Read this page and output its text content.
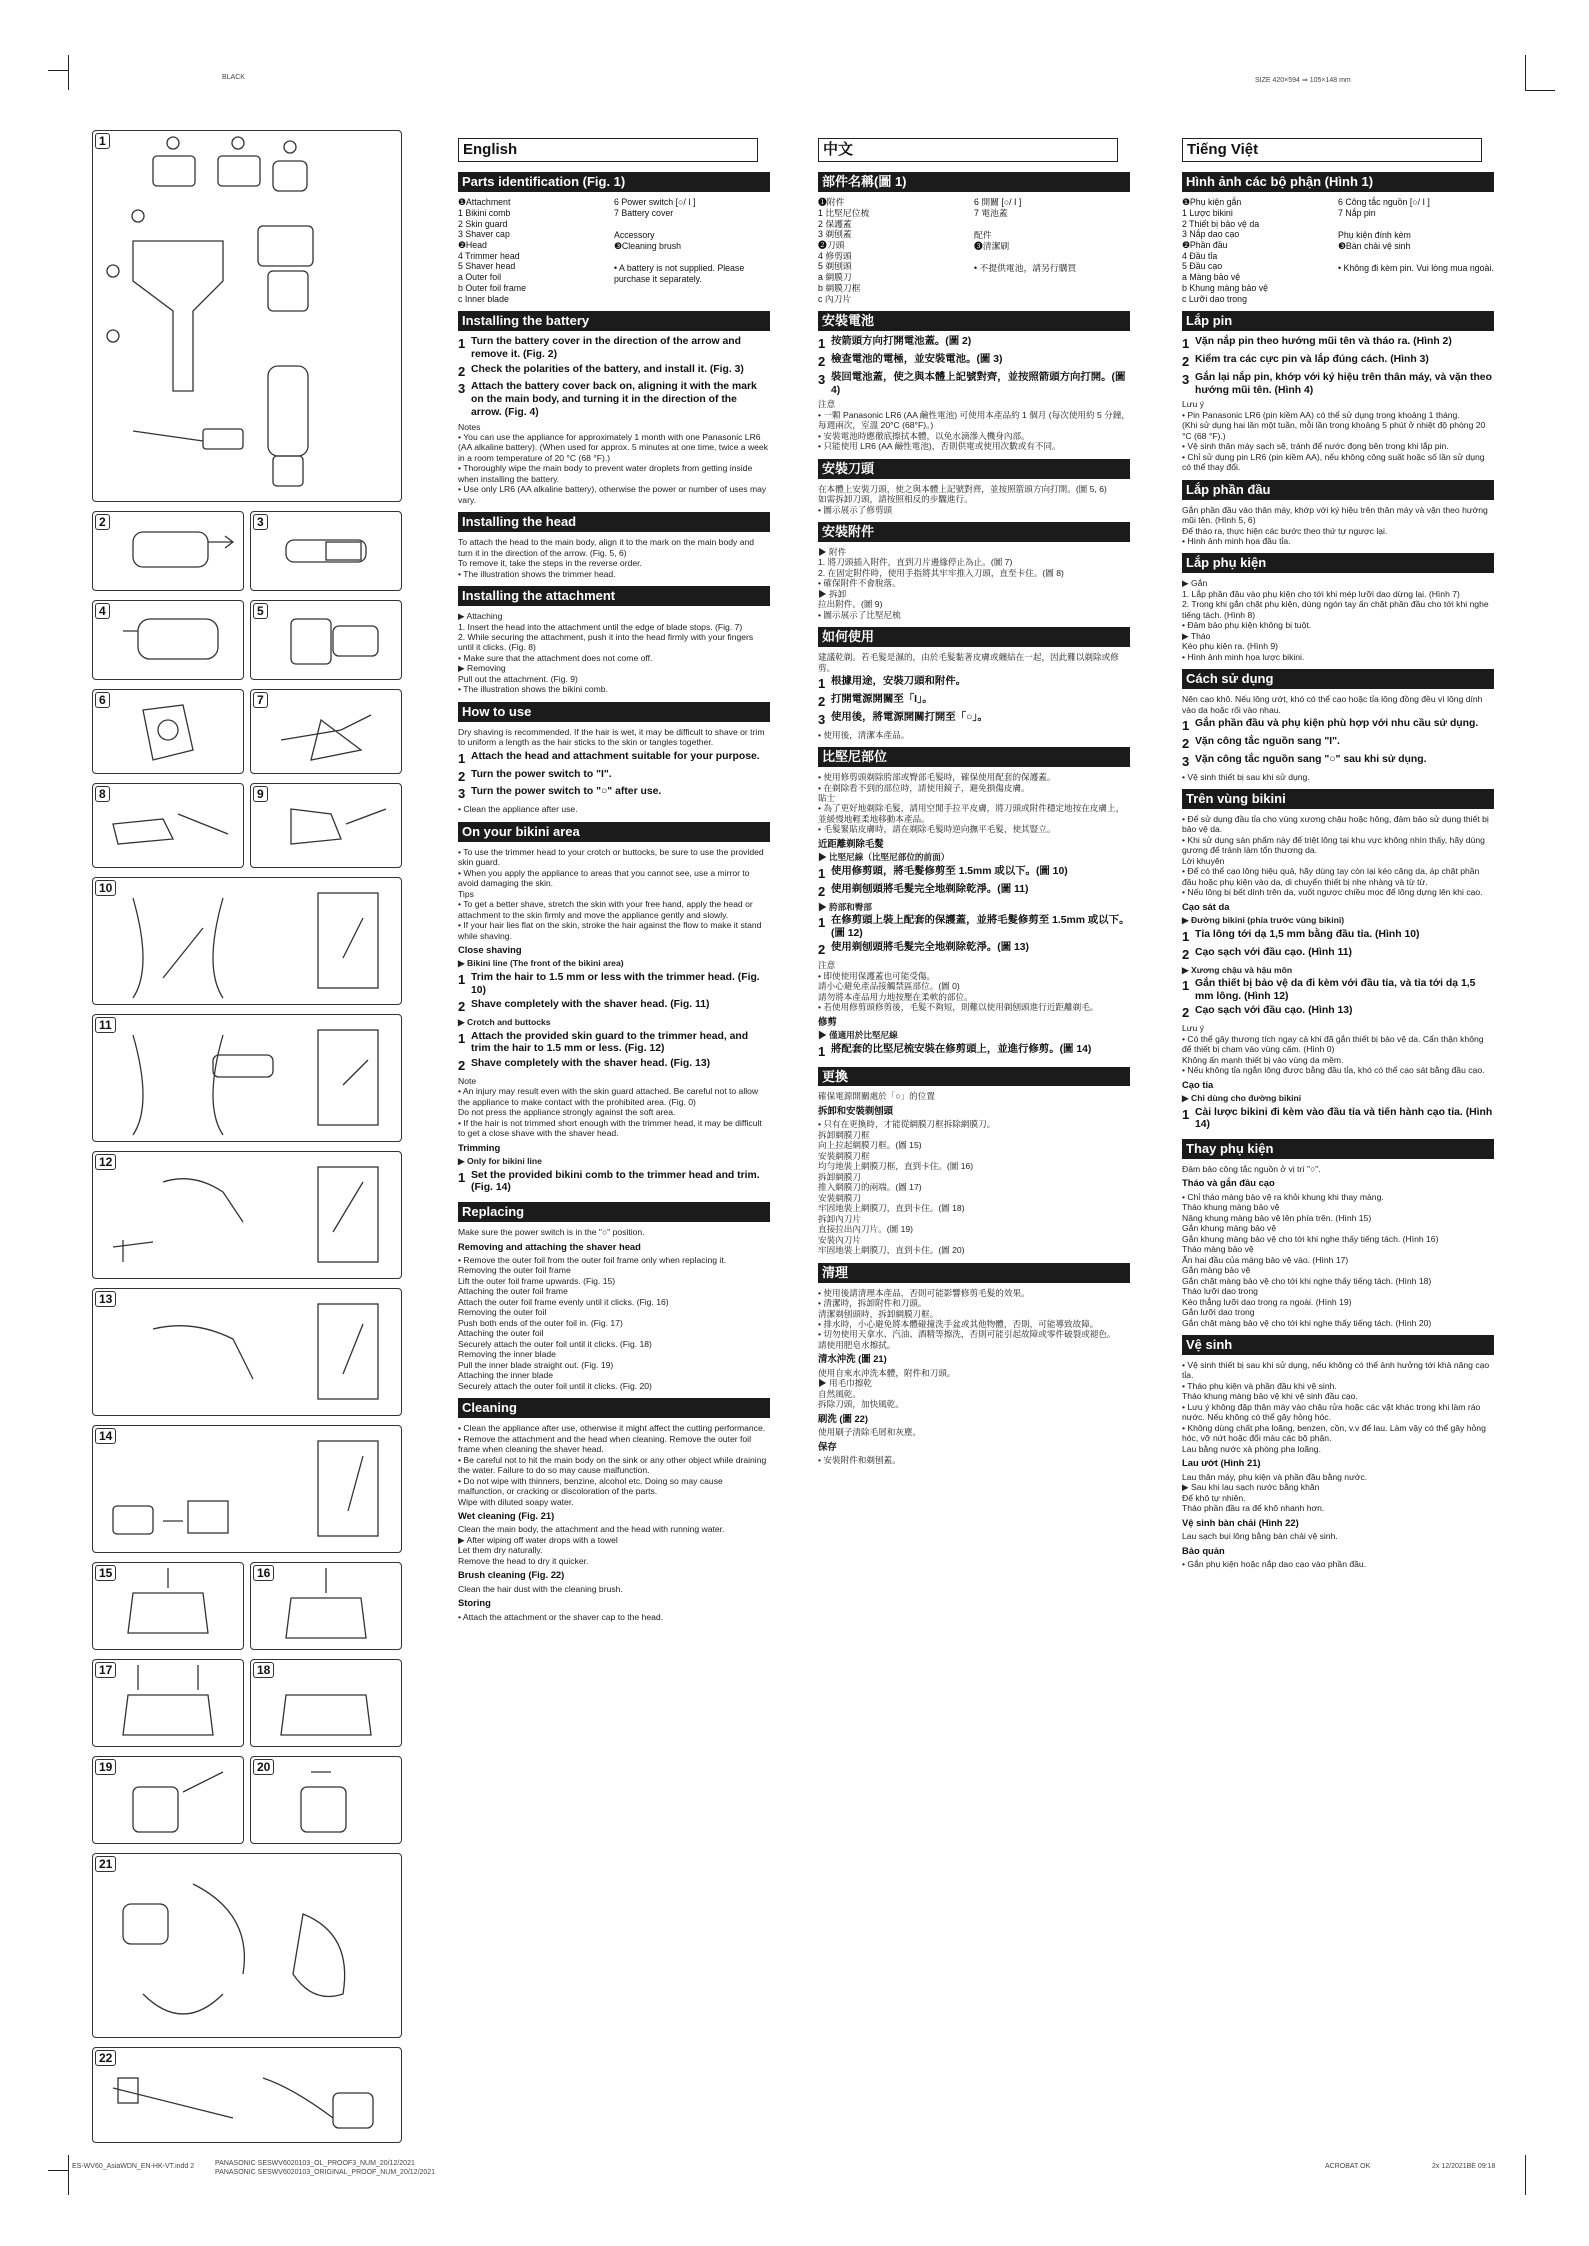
BLACK	SIZE 420×594 ⇒ 105×148 mm
ES-WV60_AsiaWDN_EN-HK-VT.indd 2	PANASONIC SESWV6020103_OL_PROOF3_NUM_20/12/2021
PANASONIC SESWV6020103_ORIGINAL_PROOF_NUM_20/12/2021
ACROBAT OK	2x 12/2021BE 09:18
1
2	3
4	5
6	7
8	9
10
11
12
13
14
15	16
17	18
19	20
21
22
English
Parts identification (Fig. 1)
❶Attachment
1 Bikini comb
2 Skin guard
3 Shaver cap
❷Head
4 Trimmer head
5 Shaver head
a Outer foil
b Outer foil frame
c Inner blade
6 Power switch [○/ I ]
7 Battery cover
Accessory
❸Cleaning brush
• A battery is not supplied. Please purchase it separately.
Installing the battery
1 Turn the battery cover in the direction of the arrow and remove it. (Fig. 2)
2 Check the polarities of the battery, and install it. (Fig. 3)
3 Attach the battery cover back on, aligning it with the mark on the main body, and turning it in the direction of the arrow. (Fig. 4)
Notes
• You can use the appliance for approximately 1 month with one Panasonic LR6 (AA alkaline battery). (When used for approx. 5 minutes at one time, twice a week in a room temperature of 20 °C (68 °F).)
• Thoroughly wipe the main body to prevent water droplets from getting inside when installing the battery.
• Use only LR6 (AA alkaline battery), otherwise the power or number of uses may vary.
Installing the head
To attach the head to the main body, align it to the mark on the main body and turn it in the direction of the arrow. (Fig. 5, 6)
To remove it, take the steps in the reverse order.
• The illustration shows the trimmer head.
Installing the attachment
▶ Attaching
1. Insert the head into the attachment until the edge of blade stops. (Fig. 7)
2. While securing the attachment, push it into the head firmly with your fingers until it clicks. (Fig. 8)
• Make sure that the attachment does not come off.
▶ Removing
Pull out the attachment. (Fig. 9)
• The illustration shows the bikini comb.
How to use
Dry shaving is recommended. If the hair is wet, it may be difficult to shave or trim to uniform a length as the hair sticks to the skin or tangles together.
1 Attach the head and attachment suitable for your purpose.
2 Turn the power switch to "I".
3 Turn the power switch to "○" after use.
• Clean the appliance after use.
On your bikini area
• To use the trimmer head to your crotch or buttocks, be sure to use the provided skin guard.
• When you apply the appliance to areas that you cannot see, use a mirror to avoid damaging the skin.
Tips
• To get a better shave, stretch the skin with your free hand, apply the head or attachment to the skin firmly and move the appliance gently and slowly.
• If your hair lies flat on the skin, stroke the hair against the flow to make it stand while shaving.
Close shaving
▶ Bikini line (The front of the bikini area)
1 Trim the hair to 1.5 mm or less with the trimmer head. (Fig. 10)
2 Shave completely with the shaver head. (Fig. 11)
▶ Crotch and buttocks
1 Attach the provided skin guard to the trimmer head, and trim the hair to 1.5 mm or less. (Fig. 12)
2 Shave completely with the shaver head. (Fig. 13)
Note
• An injury may result even with the skin guard attached. Be careful not to allow the appliance to make contact with the prohibited area. (Fig. 0)
Do not press the appliance strongly against the soft area.
• If the hair is not trimmed short enough with the trimmer head, it may be difficult to get a close shave with the shaver head.
Trimming
▶ Only for bikini line
1 Set the provided bikini comb to the trimmer head and trim. (Fig. 14)
Replacing
Make sure the power switch is in the "○" position.
Removing and attaching the shaver head
• Remove the outer foil from the outer foil frame only when replacing it.
Removing the outer foil frame
Lift the outer foil frame upwards. (Fig. 15)
Attaching the outer foil frame
Attach the outer foil frame evenly until it clicks. (Fig. 16)
Removing the outer foil
Push both ends of the outer foil in. (Fig. 17)
Attaching the outer foil
Securely attach the outer foil until it clicks. (Fig. 18)
Removing the inner blade
Pull the inner blade straight out. (Fig. 19)
Attaching the inner blade
Securely attach the outer foil until it clicks. (Fig. 20)
Cleaning
• Clean the appliance after use, otherwise it might affect the cutting performance.
• Remove the attachment and the head when cleaning. Remove the outer foil frame when cleaning the shaver head.
• Be careful not to hit the main body on the sink or any other object while draining the water. Failure to do so may cause malfunction.
• Do not wipe with thinners, benzine, alcohol etc. Doing so may cause malfunction, or cracking or discoloration of the parts.
Wipe with diluted soapy water.
Wet cleaning (Fig. 21)
Clean the main body, the attachment and the head with running water.
▶ After wiping off water drops with a towel
Let them dry naturally.
Remove the head to dry it quicker.
Brush cleaning (Fig. 22)
Clean the hair dust with the cleaning brush.
Storing
• Attach the attachment or the shaver cap to the head.
中文
部件名稱(圖 1)
❶附件
1 比堅尼位梳
2 保護蓋
3 剃刨蓋
❷刀頭
4 修剪頭
5 剃刨頭
a 網膜刀
b 網膜刀框
c 內刀片
6 開關 [○/ I ]
7 電池蓋
配件
❸清潔刷
• 不提供電池，請另行購買
安裝電池
1 按箭頭方向打開電池蓋。(圖 2)
2 檢查電池的電極，並安裝電池。(圖 3)
3 裝回電池蓋，使之與本體上記號對齊，並按照箭頭方向打開。(圖 4)
注意
• 一顆 Panasonic LR6 (AA 鹼性電池) 可使用本產品約 1 個月 (每次使用約 5 分鐘，每週兩次，室溫 20°C (68°F)。)
• 安裝電池時應徹底擦拭本體，以免水滴滲入機身內部。
• 只能使用 LR6 (AA 鹼性電池)，否則供電或使用次數或有不同。
安裝刀頭
在本體上安裝刀頭，使之與本體上記號對齊，並按照箭頭方向打開。(圖 5, 6)
如需拆卸刀頭，請按照相反的步驟進行。
• 圖示展示了修剪頭
安裝附件
▶ 附件
1. 將刀頭插入附件，直到刀片邊緣停止為止。(圖 7)
2. 在固定附件時，使用手指將其牢牢推入刀頭，直至卡住。(圖 8)
• 確保附件不會脫落。
▶ 拆卸
拉出附件。(圖 9)
• 圖示展示了比堅尼梳
如何使用
建議乾剃。若毛髮是濕的，由於毛髮黏著皮膚或纏結在一起，因此難以剃除或修剪。
1 根據用途，安裝刀頭和附件。
2 打開電源開關至「I」。
3 使用後，將電源開關打開至「○」。
• 使用後，清潔本產品。
比堅尼部位
• 使用修剪頭剃除胯部或臀部毛髮時，確保使用配套的保護蓋。
• 在剃除看不到的部位時，請使用鏡子，避免損傷皮膚。
貼士
• 為了更好地剃除毛髮，請用空閒手拉平皮膚，將刀頭或附件穩定地按在皮膚上，並緩慢地輕柔地移動本產品。
• 毛髮緊貼皮膚時，請在剃除毛髮時逆向撫平毛髮，使其豎立。
近距離剃除毛髮
▶ 比堅尼線（比堅尼部位的前面）
1 使用修剪頭，將毛髮修剪至 1.5mm 或以下。(圖 10)
2 使用剃刨頭將毛髮完全地剃除乾淨。(圖 11)
▶ 胯部和臀部
1 在修剪頭上裝上配套的保護蓋，並將毛髮修剪至 1.5mm 或以下。(圖 12)
2 使用剃刨頭將毛髮完全地剃除乾淨。(圖 13)
注意
• 即使使用保護蓋也可能受傷。
請小心避免產品接觸禁區部位。(圖 0)
請勿將本產品用力地按壓在柔軟的部位。
• 若使用修剪頭修剪後，毛髮不夠短，則難以使用剃刨頭進行近距離剃毛。
修剪
▶ 僅適用於比堅尼線
1 將配套的比堅尼梳安裝在修剪頭上，並進行修剪。(圖 14)
更換
確保電源開關處於「○」的位置
拆卸和安裝剃刨頭
• 只有在更換時，才能從網膜刀框拆除網膜刀。
拆卸網膜刀框
向上拉起網膜刀框。(圖 15)
安裝網膜刀框
均勻地裝上網膜刀框，直到卡住。(圖 16)
拆卸網膜刀
推入網膜刀的兩端。(圖 17)
安裝網膜刀
牢固地裝上網膜刀，直到卡住。(圖 18)
拆卸內刀片
直接拉出內刀片。(圖 19)
安裝內刀片
牢固地裝上網膜刀，直到卡住。(圖 20)
清理
• 使用後請清理本產品，否則可能影響修剪毛髮的效果。
• 清潔時，拆卸附件和刀頭。
清潔剃刨頭時，拆卸網膜刀框。
• 排水時，小心避免將本體碰撞洗手盆或其他物體，否則，可能導致故障。
• 切勿使用天拿水、汽油、酒精等擦洗，否則可能引起故障或零件破裂或褪色。
請使用肥皂水擦拭。
清水沖洗 (圖 21)
使用自來水沖洗本體，附件和刀頭。
▶ 用毛巾擦乾
自然風乾。
拆除刀頭，加快風乾。
刷洗 (圖 22)
使用刷子清除毛屑和灰塵。
保存
• 安裝附件和剃刨蓋。
Tiếng Việt
Hình ảnh các bộ phận (Hình 1)
❶Phụ kiện gắn
1 Lược bikini
2 Thiết bị bảo vệ da
3 Nắp dao cạo
❷Phần đầu
4 Đầu tỉa
5 Đầu cạo
a Màng bảo vệ
b Khung màng bảo vệ
c Lưỡi dao trong
6 Công tắc nguồn [○/ I ]
7 Nắp pin
Phụ kiện đính kèm
❸Bàn chải vệ sinh
• Không đi kèm pin. Vui lòng mua ngoài.
Lắp pin
1 Vặn nắp pin theo hướng mũi tên và tháo ra. (Hình 2)
2 Kiểm tra các cực pin và lắp đúng cách. (Hình 3)
3 Gắn lại nắp pin, khớp với ký hiệu trên thân máy, và vặn theo hướng mũi tên. (Hình 4)
Lưu ý
• Pin Panasonic LR6 (pin kiềm AA) có thể sử dụng trong khoảng 1 tháng.
(Khi sử dụng hai lần một tuần, mỗi lần trong khoảng 5 phút ở nhiệt độ phòng 20 °C (68 °F).)
• Vệ sinh thân máy sạch sẽ, tránh để nước đọng bên trong khi lắp pin.
• Chỉ sử dụng pin LR6 (pin kiềm AA), nếu không công suất hoặc số lần sử dụng có thể thay đổi.
Lắp phần đầu
Gắn phần đầu vào thân máy, khớp với ký hiệu trên thân máy và vặn theo hướng mũi tên. (Hình 5, 6)
Để tháo ra, thực hiện các bước theo thứ tự ngược lại.
• Hình ảnh minh họa đầu tỉa.
Lắp phụ kiện
▶ Gắn
1. Lắp phần đầu vào phụ kiện cho tới khi mép lưỡi dao dừng lại. (Hình 7)
2. Trong khi gắn chặt phụ kiện, dùng ngón tay ấn chặt phần đầu cho tới khi nghe tiếng tách. (Hình 8)
• Đảm bảo phụ kiện không bị tuột.
▶ Tháo
Kéo phụ kiện ra. (Hình 9)
• Hình ảnh minh họa lược bikini.
Cách sử dụng
Nên cạo khô. Nếu lông ướt, khó có thể cạo hoặc tỉa lông đồng đều vì lông dính vào da hoặc rối vào nhau.
1 Gắn phần đầu và phụ kiện phù hợp với nhu cầu sử dụng.
2 Vặn công tắc nguồn sang "I".
3 Vặn công tắc nguồn sang "○" sau khi sử dụng.
• Vệ sinh thiết bị sau khi sử dụng.
Trên vùng bikini
• Để sử dụng đầu tỉa cho vùng xương chậu hoặc hông, đảm bảo sử dụng thiết bị bảo vệ da.
• Khi sử dụng sản phẩm này để triệt lông tại khu vực không nhìn thấy, hãy dùng gương để tránh làm tổn thương da.
Lời khuyên
• Để có thể cạo lông hiệu quả, hãy dùng tay còn lại kéo căng da, áp chặt phần đầu hoặc phụ kiện vào da, di chuyển thiết bị nhẹ nhàng và từ từ.
• Nếu lông bị bết dính trên da, vuốt ngược chiều mọc để lông dựng lên khi cạo.
Cạo sát da
▶ Đường bikini (phía trước vùng bikini)
1 Tỉa lông tới dạ 1,5 mm bằng đầu tỉa. (Hình 10)
2 Cạo sạch với đầu cạo. (Hình 11)
▶ Xương chậu và hậu môn
1 Gắn thiết bị bảo vệ da đi kèm với đầu tỉa, và tỉa tới dạ 1,5 mm lông. (Hình 12)
2 Cạo sạch với đầu cạo. (Hình 13)
Lưu ý
• Có thể gây thương tích ngay cả khi đã gắn thiết bị bảo vệ da. Cẩn thận không để thiết bị chạm vào vùng cấm. (Hình 0)
Không ấn mạnh thiết bị vào vùng da mềm.
• Nếu không tỉa ngắn lông được bằng đầu tỉa, khó có thể cạo sát bằng đầu cạo.
Cạo tỉa
▶ Chỉ dùng cho đường bikini
1 Cài lược bikini đi kèm vào đầu tỉa và tiến hành cạo tỉa. (Hình 14)
Thay phụ kiện
Đảm bảo công tắc nguồn ở vị trí "○".
Tháo và gắn đầu cạo
• Chỉ tháo màng bảo vệ ra khỏi khung khi thay màng.
Tháo khung màng bảo vệ
Nâng khung màng bảo vệ lên phía trên. (Hình 15)
Gắn khung màng bảo vệ
Gắn khung màng bảo vệ cho tới khi nghe thấy tiếng tách. (Hình 16)
Tháo màng bảo vệ
Ấn hai đầu của màng bảo vệ vào. (Hình 17)
Gắn màng bảo vệ
Gắn chặt màng bảo vệ cho tới khi nghe thấy tiếng tách. (Hình 18)
Tháo lưỡi dao trong
Kéo thẳng lưỡi dao trong ra ngoài. (Hình 19)
Gắn lưỡi dao trong
Gắn chặt màng bảo vệ cho tới khi nghe thấy tiếng tách. (Hình 20)
Vệ sinh
• Vệ sinh thiết bị sau khi sử dụng, nếu không có thể ảnh hưởng tới khả năng cạo tỉa.
• Tháo phụ kiện và phần đầu khi vệ sinh.
Tháo khung màng bảo vệ khi vệ sinh đầu cạo.
• Lưu ý không đập thân máy vào chậu rửa hoặc các vật khác trong khi làm ráo nước. Nếu không có thể gây hỏng hóc.
• Không dùng chất pha loãng, benzen, cồn, v.v để lau. Làm vậy có thể gây hỏng hóc, vỡ nứt hoặc đổi màu các bộ phận.
Lau bằng nước xà phòng pha loãng.
Lau ướt (Hình 21)
Lau thân máy, phụ kiện và phần đầu bằng nước.
▶ Sau khi lau sạch nước bằng khăn
Để khô tự nhiên.
Tháo phần đầu ra để khô nhanh hơn.
Vệ sinh bàn chải (Hình 22)
Lau sạch bụi lông bằng bàn chải vệ sinh.
Bảo quản
• Gắn phụ kiện hoặc nắp dao cạo vào phần đầu.
